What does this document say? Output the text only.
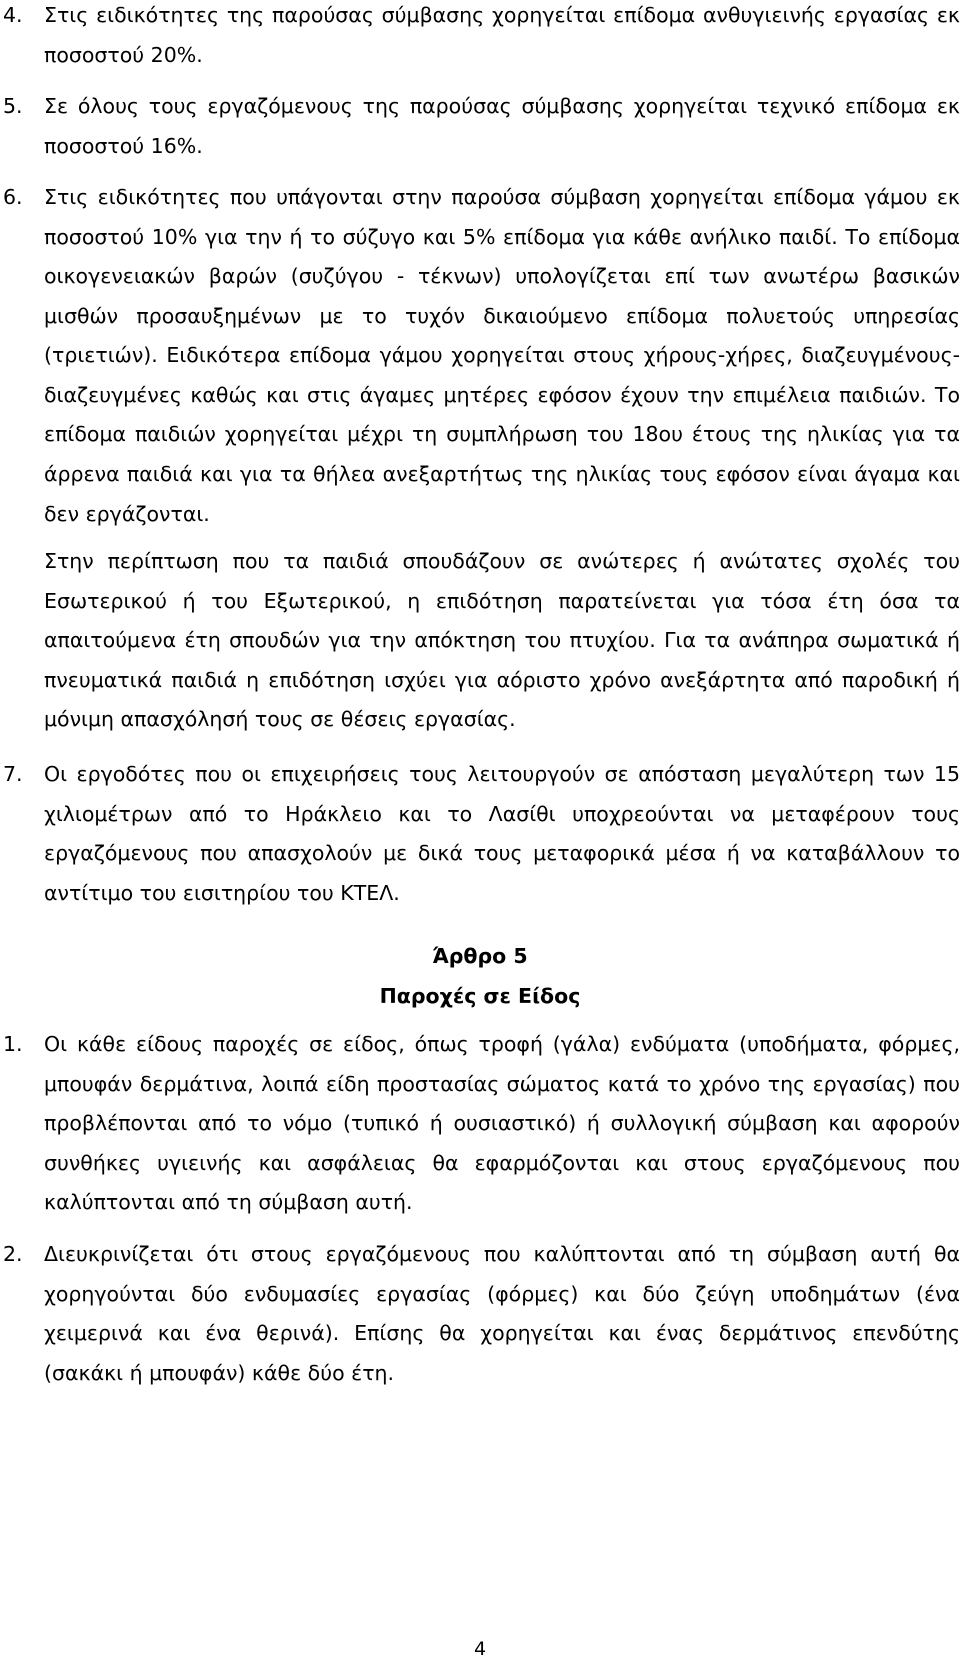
4.	Στις ειδικότητες της παρούσας σύμβασης χορηγείται επίδομα ανθυγιεινής εργασίας εκ ποσοστού 20%.
5.	Σε όλους τους εργαζόμενους της παρούσας σύμβασης χορηγείται τεχνικό επίδομα εκ ποσοστού 16%.
6.	Στις ειδικότητες που υπάγονται στην παρούσα σύμβαση χορηγείται επίδομα γάμου εκ ποσοστού 10% για την ή το σύζυγο και 5% επίδομα για κάθε ανήλικο παιδί. Το επίδομα οικογενειακών βαρών (συζύγου - τέκνων) υπολογίζεται επί των ανωτέρω βασικών μισθών προσαυξημένων με το τυχόν δικαιούμενο επίδομα πολυετούς υπηρεσίας (τριετιών). Ειδικότερα επίδομα γάμου χορηγείται στους χήρους-χήρες, διαζευγμένους-διαζευγμένες καθώς και στις άγαμες μητέρες εφόσον έχουν την επιμέλεια παιδιών. Το επίδομα παιδιών χορηγείται μέχρι τη συμπλήρωση του 18ου έτους της ηλικίας για τα άρρενα παιδιά και για τα θήλεα ανεξαρτήτως της ηλικίας τους εφόσον είναι άγαμα και δεν εργάζονται.

Στην περίπτωση που τα παιδιά σπουδάζουν σε ανώτερες ή ανώτατες σχολές του Εσωτερικού ή του Εξωτερικού, η επιδότηση παρατείνεται για τόσα έτη όσα τα απαιτούμενα έτη σπουδών για την απόκτηση του πτυχίου. Για τα ανάπηρα σωματικά ή πνευματικά παιδιά η επιδότηση ισχύει για αόριστο χρόνο ανεξάρτητα από παροδική ή μόνιμη απασχόλησή τους σε θέσεις εργασίας.

7.	Οι εργοδότες που οι επιχειρήσεις τους λειτουργούν σε απόσταση μεγαλύτερη των 15 χιλιομέτρων από το Ηράκλειο και το Λασίθι υποχρεούνται να μεταφέρουν τους εργαζόμενους που απασχολούν με δικά τους μεταφορικά μέσα ή να καταβάλλουν το αντίτιμο του εισιτηρίου του ΚΤΕΛ.
Άρθρο 5
Παροχές σε Είδος
1.	Οι κάθε είδους παροχές σε είδος, όπως τροφή (γάλα) ενδύματα (υποδήματα, φόρμες, μπουφάν δερμάτινα, λοιπά είδη προστασίας σώματος κατά το χρόνο της εργασίας) που προβλέπονται από το νόμο (τυπικό ή ουσιαστικό) ή συλλογική σύμβαση και αφορούν συνθήκες υγιεινής και ασφάλειας θα εφαρμόζονται και στους εργαζόμενους που καλύπτονται από τη σύμβαση αυτή.
2.	Διευκρινίζεται ότι στους εργαζόμενους που καλύπτονται από τη σύμβαση αυτή θα χορηγούνται δύο ενδυμασίες εργασίας (φόρμες) και δύο ζεύγη υποδημάτων (ένα χειμερινά και ένα θερινά). Επίσης θα χορηγείται και ένας δερμάτινος επενδύτης (σακάκι ή μπουφάν) κάθε δύο έτη.
4
